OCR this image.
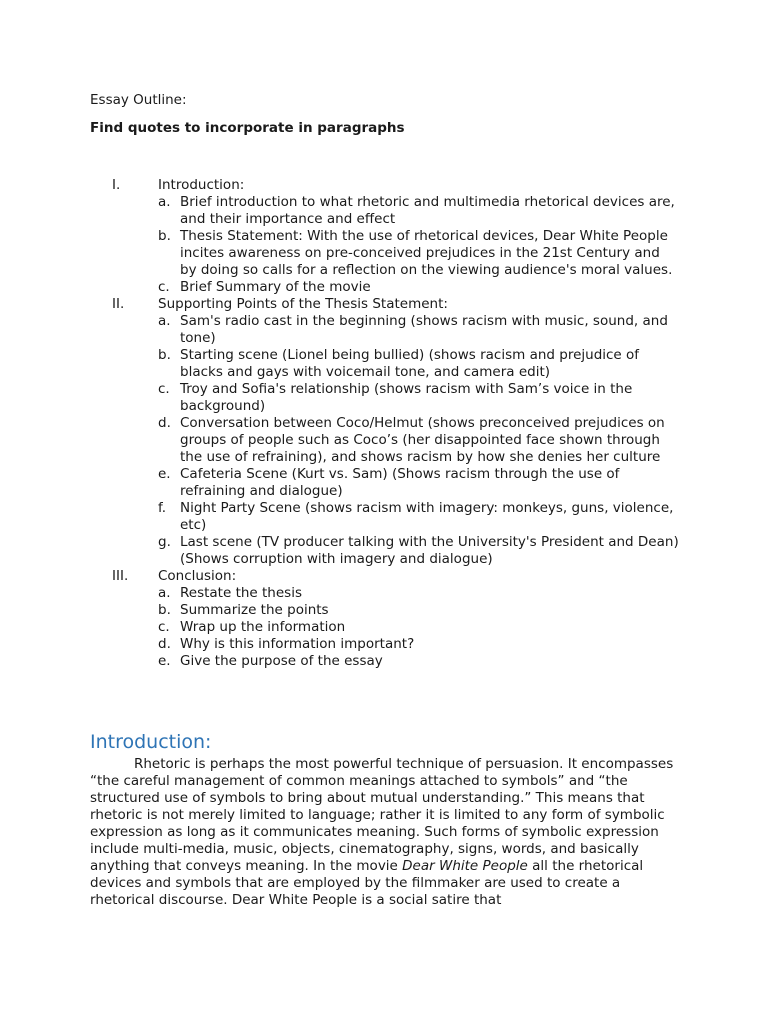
Essay Outline:

Find quotes to incorporate in paragraphs

I.	Introduction:
a. Brief introduction to what rhetoric and multimedia rhetorical devices are, and their importance and effect
b. Thesis Statement: With the use of rhetorical devices, Dear White People incites awareness on pre-conceived prejudices in the 21st Century and by doing so calls for a reflection on the viewing audience's moral values.
c. Brief Summary of the movie
II. Supporting Points of the Thesis Statement:
a. Sam's radio cast in the beginning (shows racism with music, sound, and tone)
b. Starting scene (Lionel being bullied) (shows racism and prejudice of blacks and gays with voicemail tone, and camera edit)
c. Troy and Sofia's relationship (shows racism with Sam’s voice in the background)
d. Conversation between Coco/Helmut (shows preconceived prejudices on groups of people such as Coco’s (her disappointed face shown through the use of refraining), and shows racism by how she denies her culture
e. Cafeteria Scene (Kurt vs. Sam) (Shows racism through the use of refraining and dialogue)
f. Night Party Scene (shows racism with imagery: monkeys, guns, violence, etc)
g. Last scene (TV producer talking with the University's President and Dean) (Shows corruption with imagery and dialogue)
III. Conclusion:
a. Restate the thesis
b. Summarize the points
c. Wrap up the information
d. Why is this information important?
e. Give the purpose of the essay
Introduction:

Rhetoric is perhaps the most powerful technique of persuasion. It encompasses “the careful management of common meanings attached to symbols” and “the structured use of symbols to bring about mutual understanding.” This means that rhetoric is not merely limited to language; rather it is limited to any form of symbolic expression as long as it communicates meaning. Such forms of symbolic expression include multi-media, music, objects, cinematography, signs, words, and basically anything that conveys meaning. In the movie Dear White People all the rhetorical devices and symbols that are employed by the filmmaker are used to create a rhetorical discourse. Dear White People is a social satire that
